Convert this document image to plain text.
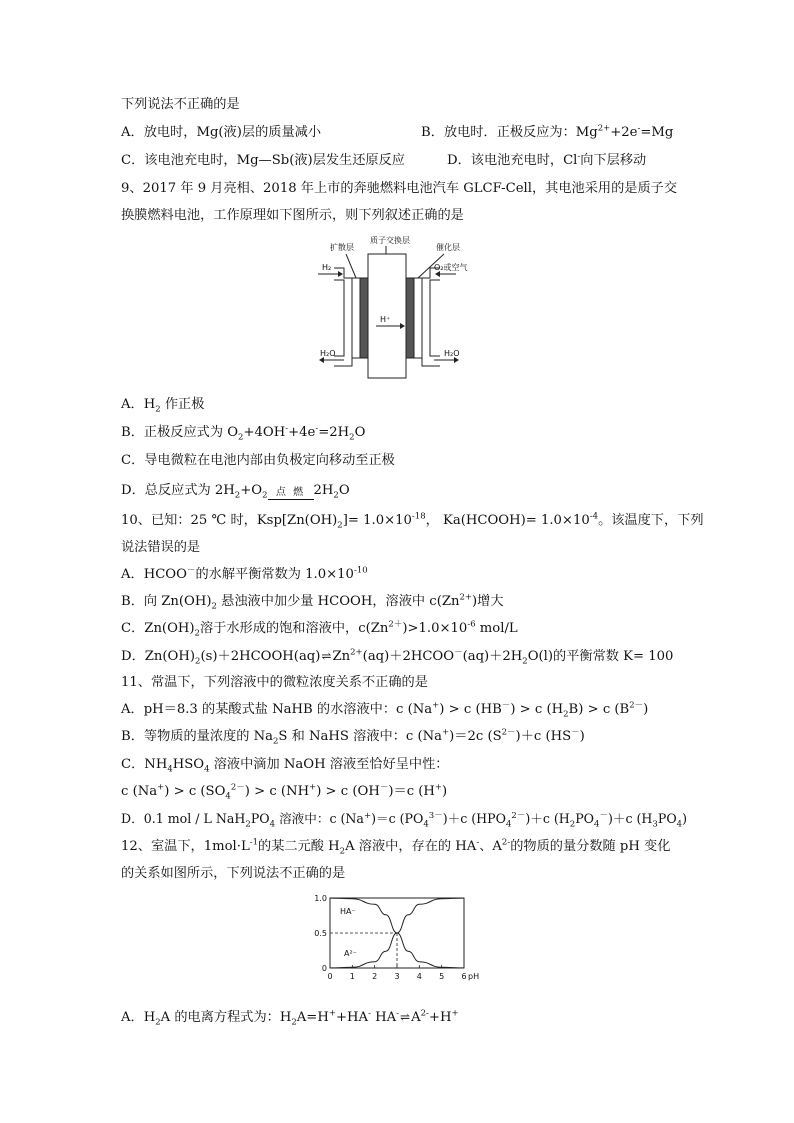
下列说法不正确的是
A．放电时，Mg(液)层的质量减小	B．放电时．正极反应为：$Mg^{2+}+2e^-=Mg$
C．该电池充电时，Mg—Sb(液)层发生还原反应	D．该电池充电时，Cl-向下层移动
9、2017 年 9 月亮相、2018 年上市的奔驰燃料电池汽车 GLCF-Cell，其电池采用的是质子交
换膜燃料电池，工作原理如下图所示，则下列叙述正确的是
质子交换层
扩散层	催化层
H₂	O₂或空气
H⁺
H₂O	H₂O
A．$H_2$ 作正极
B．正极反应式为 $O_2+4OH^-+4e^-=2H_2O$
C．导电微粒在电池内部由负极定向移动至正极
D．总反应式为 $2H_2+O_2$ 点 燃 $2H_2O$
10、已知：25 ℃ 时，$Ksp[Zn(OH)_2]= 1.0\times 10^{-18}$， Ka(HCOOH)= $1.0\times 10^{-4}$。该温度下，下列
说法错误的是
A．HCOO－的水解平衡常数为 $1.0\times 10^{-10}$
B．向 $Zn(OH)_2$ 悬浊液中加少量 HCOOH，溶液中 $c(Zn^{2+})$增大
C．$Zn(OH)_2$溶于水形成的饱和溶液中，$c(Zn^{2+})>1.0\times 10^{-6}$ mol/L
D．$Zn(OH)_2(s)+2HCOOH(aq)\rightleftharpoons Zn^{2+}(aq)+2HCOO^-(aq)+2H_2O(l)$的平衡常数 K= 100
11、常温下，下列溶液中的微粒浓度关系不正确的是
A．pH＝8.3 的某酸式盐 NaHB 的水溶液中：c (Na+) > c (HB－) > c $(H_2B) > c$ $(B^{2-})$
B．等物质的量浓度的 $Na_2S$ 和 NaHS 溶液中：c (Na+)＝2c $(S^{2-})+c$ (HS－)
C．$NH_4HSO_4$ 溶液中滴加 NaOH 溶液至恰好呈中性：
c (Na+) > c $(SO_4^{2-}) > c$ (NH+) > c (OH－)＝c (H+)
D．0.1 mol / L $NaH_2PO_4$ 溶液中：c (Na+)＝c $(PO_4^{3-})+c$ $(HPO_4^{2-})+c$ $(H_2PO_4^-)+c$ $(H_3PO_4)$
12、室温下，$1mol\cdot L^{-1}$的某二元酸 $H_2A$ 溶液中，存在的 HA-、$A^{2-}$的物质的量分数随 pH 变化
的关系如图所示，下列说法不正确的是
0 1 2 3 4 5 6 pH
1.0
0.5
0
HA⁻
A²⁻
A．$H_2A$ 的电离方程式为：$H_2A=H^++HA^-$ $HA^-\rightleftharpoons A^{2-}+H^+$
